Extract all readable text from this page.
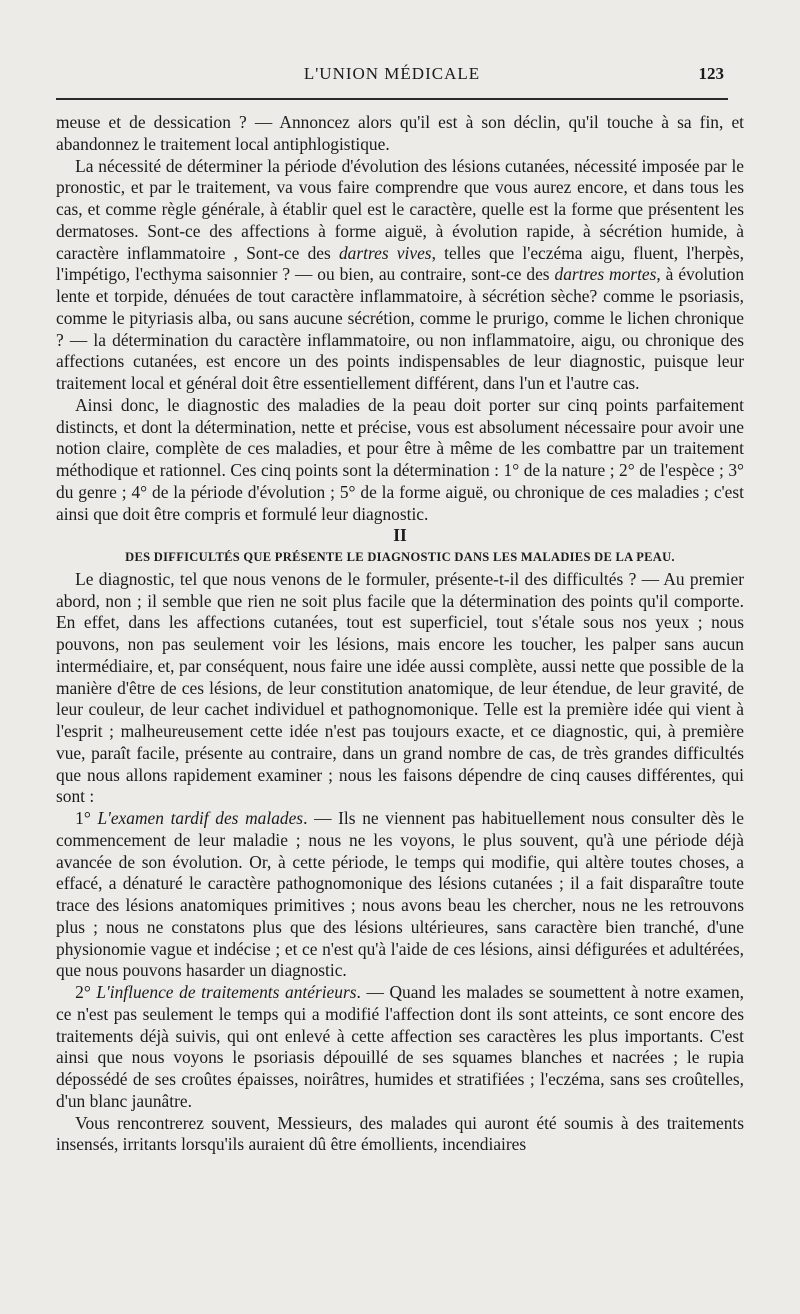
L'UNION MÉDICALE	123

meuse et de dessication ? — Annoncez alors qu'il est à son déclin, qu'il touche à sa fin, et abandonnez le traitement local antiphlogistique.

La nécessité de déterminer la période d'évolution des lésions cutanées, nécessité imposée par le pronostic, et par le traitement, va vous faire comprendre que vous aurez encore, et dans tous les cas, et comme règle générale, à établir quel est le caractère, quelle est la forme que présentent les dermatoses. Sont-ce des affections à forme aiguë, à évolution rapide, à sécrétion humide, à caractère inflammatoire , Sont-ce des dartres vives, telles que l'eczéma aigu, fluent, l'herpès, l'impétigo, l'ecthyma saisonnier ? — ou bien, au contraire, sont-ce des dartres mortes, à évolution lente et torpide, dénuées de tout caractère inflammatoire, à sécrétion sèche? comme le psoriasis, comme le pityriasis alba, ou sans aucune sécrétion, comme le prurigo, comme le lichen chronique ? — la détermination du caractère inflammatoire, ou non inflammatoire, aigu, ou chronique des affections cutanées, est encore un des points indispensables de leur diagnostic, puisque leur traitement local et général doit être essentiellement différent, dans l'un et l'autre cas.

Ainsi donc, le diagnostic des maladies de la peau doit porter sur cinq points parfaitement distincts, et dont la détermination, nette et précise, vous est absolument nécessaire pour avoir une notion claire, complète de ces maladies, et pour être à même de les combattre par un traitement méthodique et rationnel. Ces cinq points sont la détermination : 1° de la nature ; 2° de l'espèce ; 3° du genre ; 4° de la période d'évolution ; 5° de la forme aiguë, ou chronique de ces maladies ; c'est ainsi que doit être compris et formulé leur diagnostic.

II

DES DIFFICULTÉS QUE PRÉSENTE LE DIAGNOSTIC DANS LES MALADIES DE LA PEAU.

Le diagnostic, tel que nous venons de le formuler, présente-t-il des difficultés ? — Au premier abord, non ; il semble que rien ne soit plus facile que la détermination des points qu'il comporte. En effet, dans les affections cutanées, tout est superficiel, tout s'étale sous nos yeux ; nous pouvons, non pas seulement voir les lésions, mais encore les toucher, les palper sans aucun intermédiaire, et, par conséquent, nous faire une idée aussi complète, aussi nette que possible de la manière d'être de ces lésions, de leur constitution anatomique, de leur étendue, de leur gravité, de leur couleur, de leur cachet individuel et pathognomonique. Telle est la première idée qui vient à l'esprit ; malheureusement cette idée n'est pas toujours exacte, et ce diagnostic, qui, à première vue, paraît facile, présente au contraire, dans un grand nombre de cas, de très grandes difficultés que nous allons rapidement examiner ; nous les faisons dépendre de cinq causes différentes, qui sont :

1° L'examen tardif des malades. — Ils ne viennent pas habituellement nous consulter dès le commencement de leur maladie ; nous ne les voyons, le plus souvent, qu'à une période déjà avancée de son évolution. Or, à cette période, le temps qui modifie, qui altère toutes choses, a effacé, a dénaturé le caractère pathognomonique des lésions cutanées ; il a fait disparaître toute trace des lésions anatomiques primitives ; nous avons beau les chercher, nous ne les retrouvons plus ; nous ne constatons plus que des lésions ultérieures, sans caractère bien tranché, d'une physionomie vague et indécise ; et ce n'est qu'à l'aide de ces lésions, ainsi défigurées et adultérées, que nous pouvons hasarder un diagnostic.

2° L'influence de traitements antérieurs. — Quand les malades se soumettent à notre examen, ce n'est pas seulement le temps qui a modifié l'affection dont ils sont atteints, ce sont encore des traitements déjà suivis, qui ont enlevé à cette affection ses caractères les plus importants. C'est ainsi que nous voyons le psoriasis dépouillé de ses squames blanches et nacrées ; le rupia dépossédé de ses croûtes épaisses, noirâtres, humides et stratifiées ; l'eczéma, sans ses croûtelles, d'un blanc jaunâtre.

Vous rencontrerez souvent, Messieurs, des malades qui auront été soumis à des traitements insensés, irritants lorsqu'ils auraient dû être émollients, incendiaires
